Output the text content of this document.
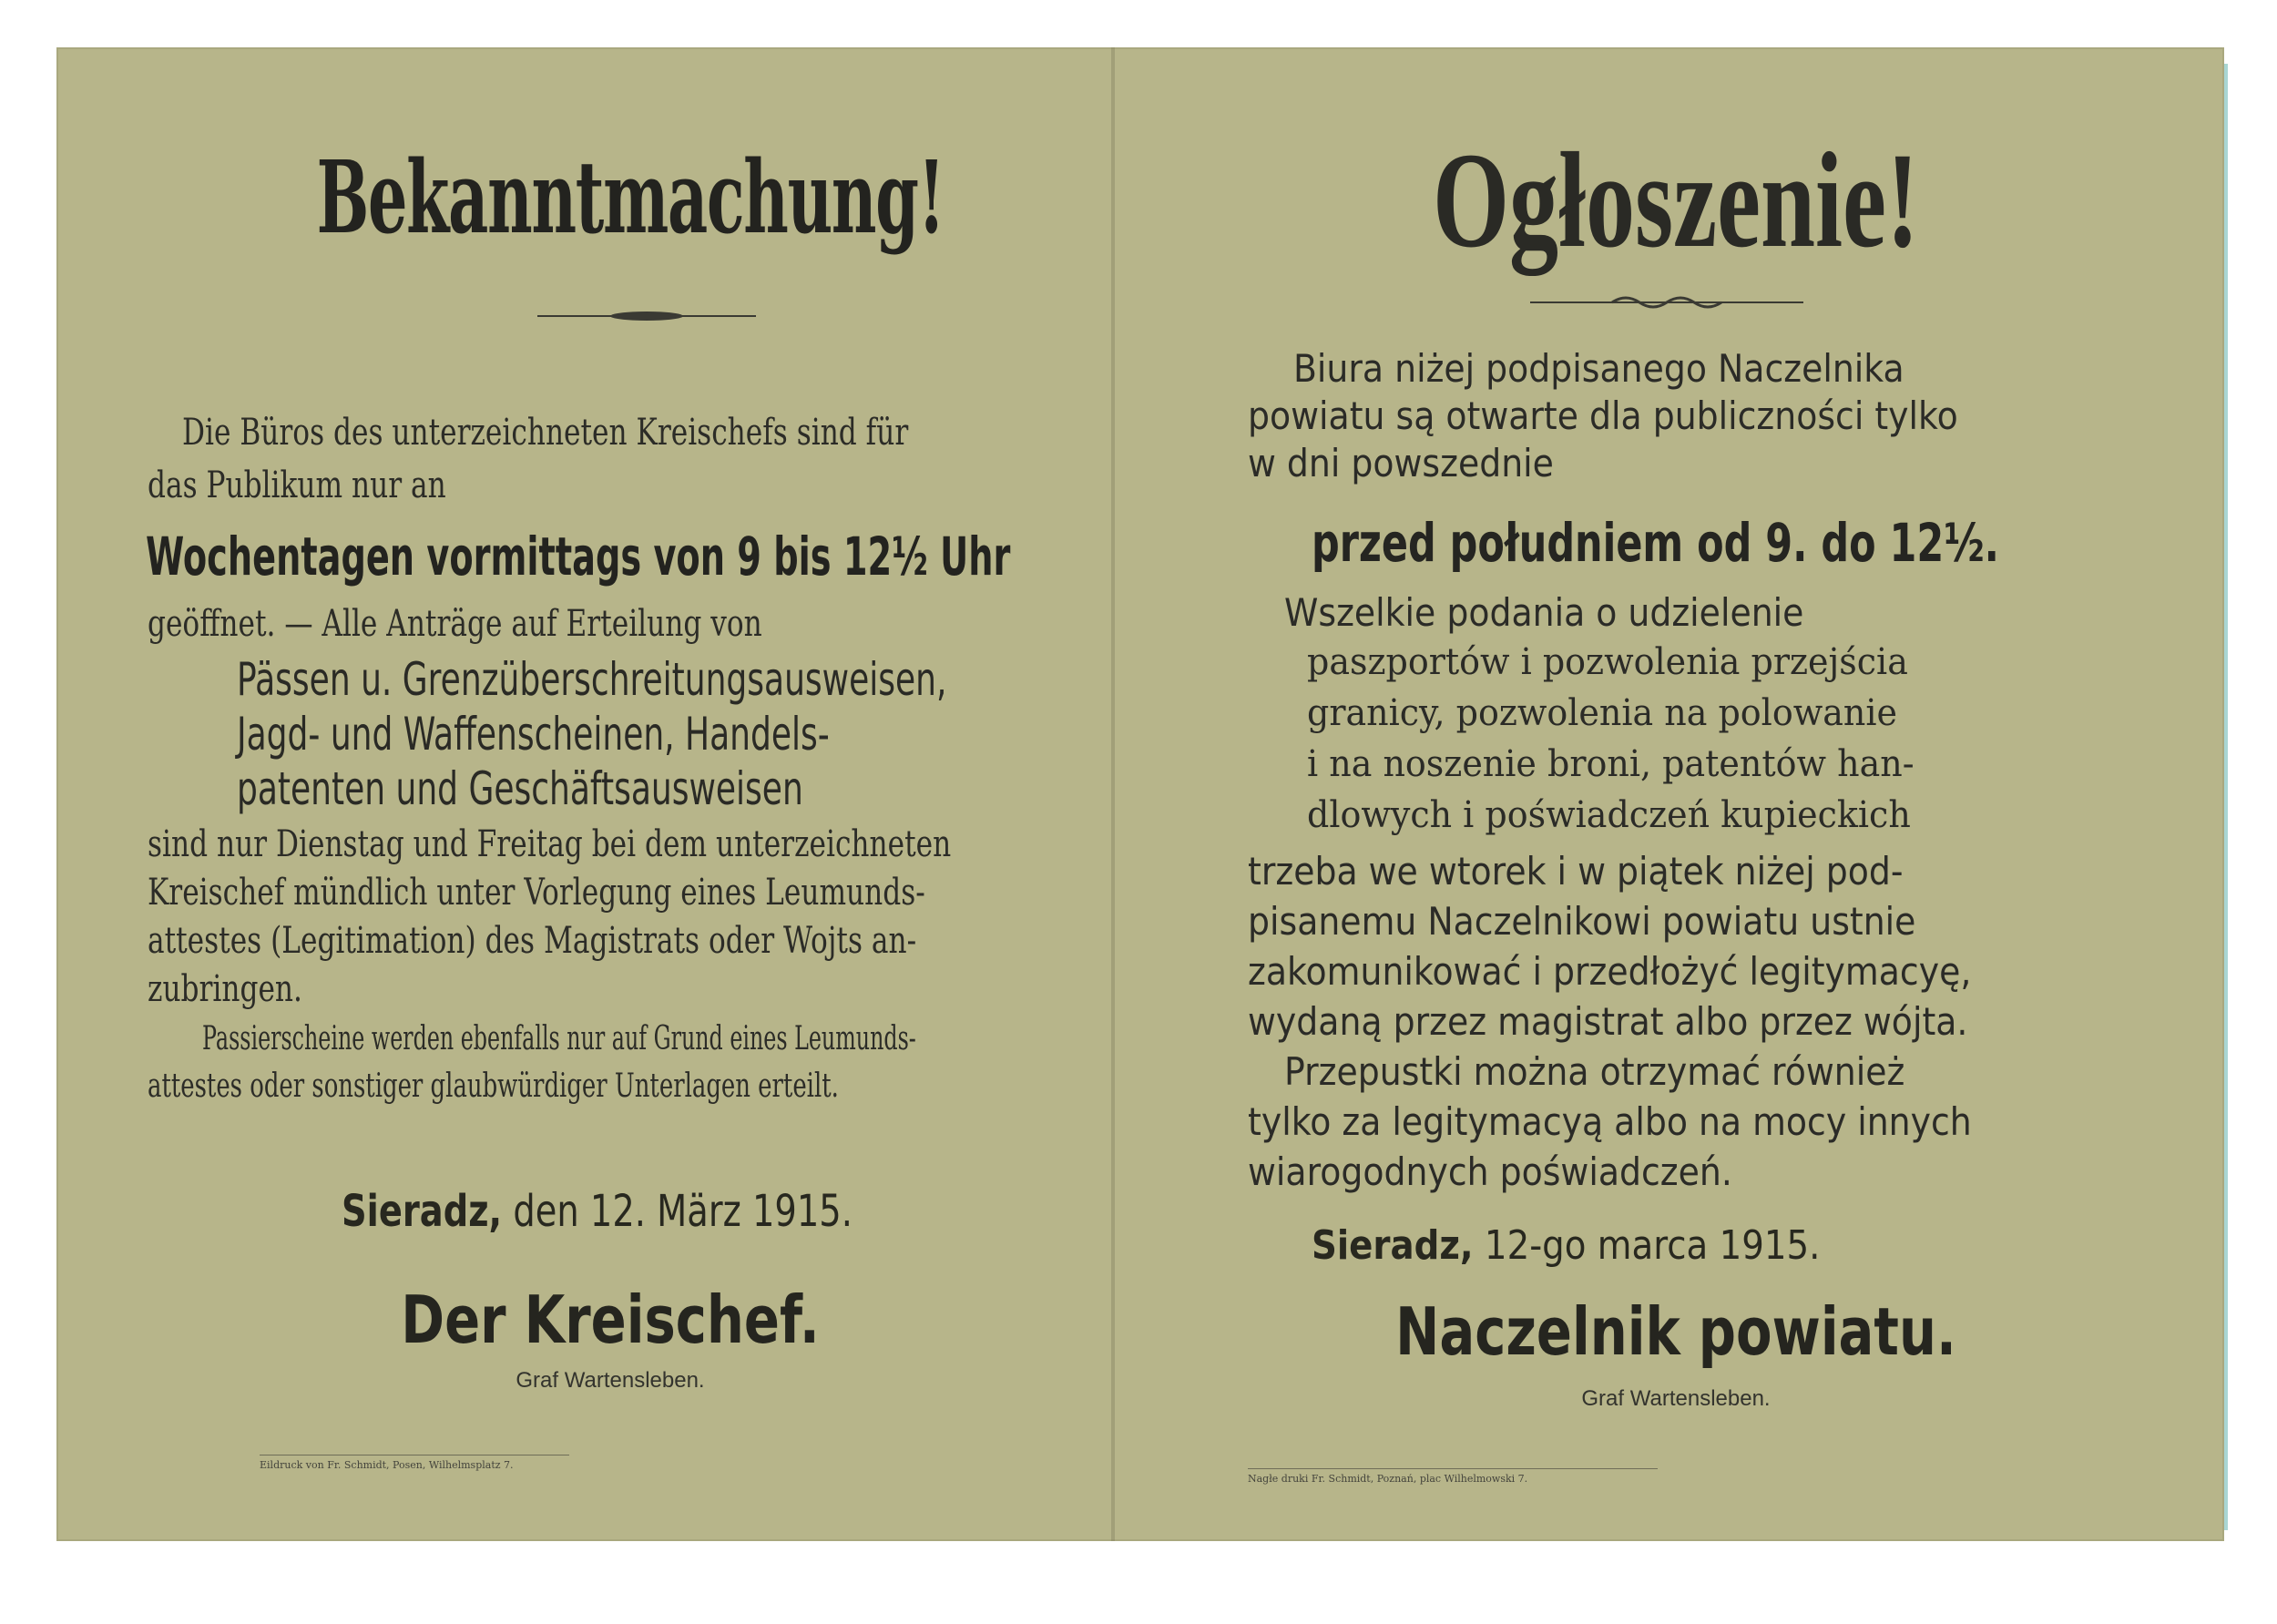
Bekanntmachung!
Die Büros des unterzeichneten Kreischefs sind für
das Publikum nur an
Wochentagen vormittags von 9 bis 12½ Uhr
geöffnet. — Alle Anträge auf Erteilung von
Pässen u. Grenzüberschreitungsausweisen,
Jagd- und Waffenscheinen, Handels-
patenten und Geschäftsausweisen
sind nur Dienstag und Freitag bei dem unterzeichneten
Kreischef mündlich unter Vorlegung eines Leumunds-
attestes (Legitimation) des Magistrats oder Wojts an-
zubringen.
Passierscheine werden ebenfalls nur auf Grund eines Leumunds-
attestes oder sonstiger glaubwürdiger Unterlagen erteilt.
Sieradz, den 12. März 1915.
Der Kreischef.
Graf Wartensleben.
Eildruck von Fr. Schmidt, Posen, Wilhelmsplatz 7.
Ogłoszenie!
Biura niżej podpisanego Naczelnika
powiatu są otwarte dla publiczności tylko
w dni powszednie
przed południem od 9. do 12½.
Wszelkie podania o udzielenie
paszportów i pozwolenia przejścia
granicy, pozwolenia na polowanie
i na noszenie broni, patentów han-
dlowych i poświadczeń kupieckich
trzeba we wtorek i w piątek niżej pod-
pisanemu Naczelnikowi powiatu ustnie
zakomunikować i przedłożyć legitymacyę,
wydaną przez magistrat albo przez wójta.
Przepustki można otrzymać również
tylko za legitymacyą albo na mocy innych
wiarogodnych poświadczeń.
Sieradz, 12-go marca 1915.
Naczelnik powiatu.
Graf Wartensleben.
Nagłe druki Fr. Schmidt, Poznań, plac Wilhelmowski 7.
